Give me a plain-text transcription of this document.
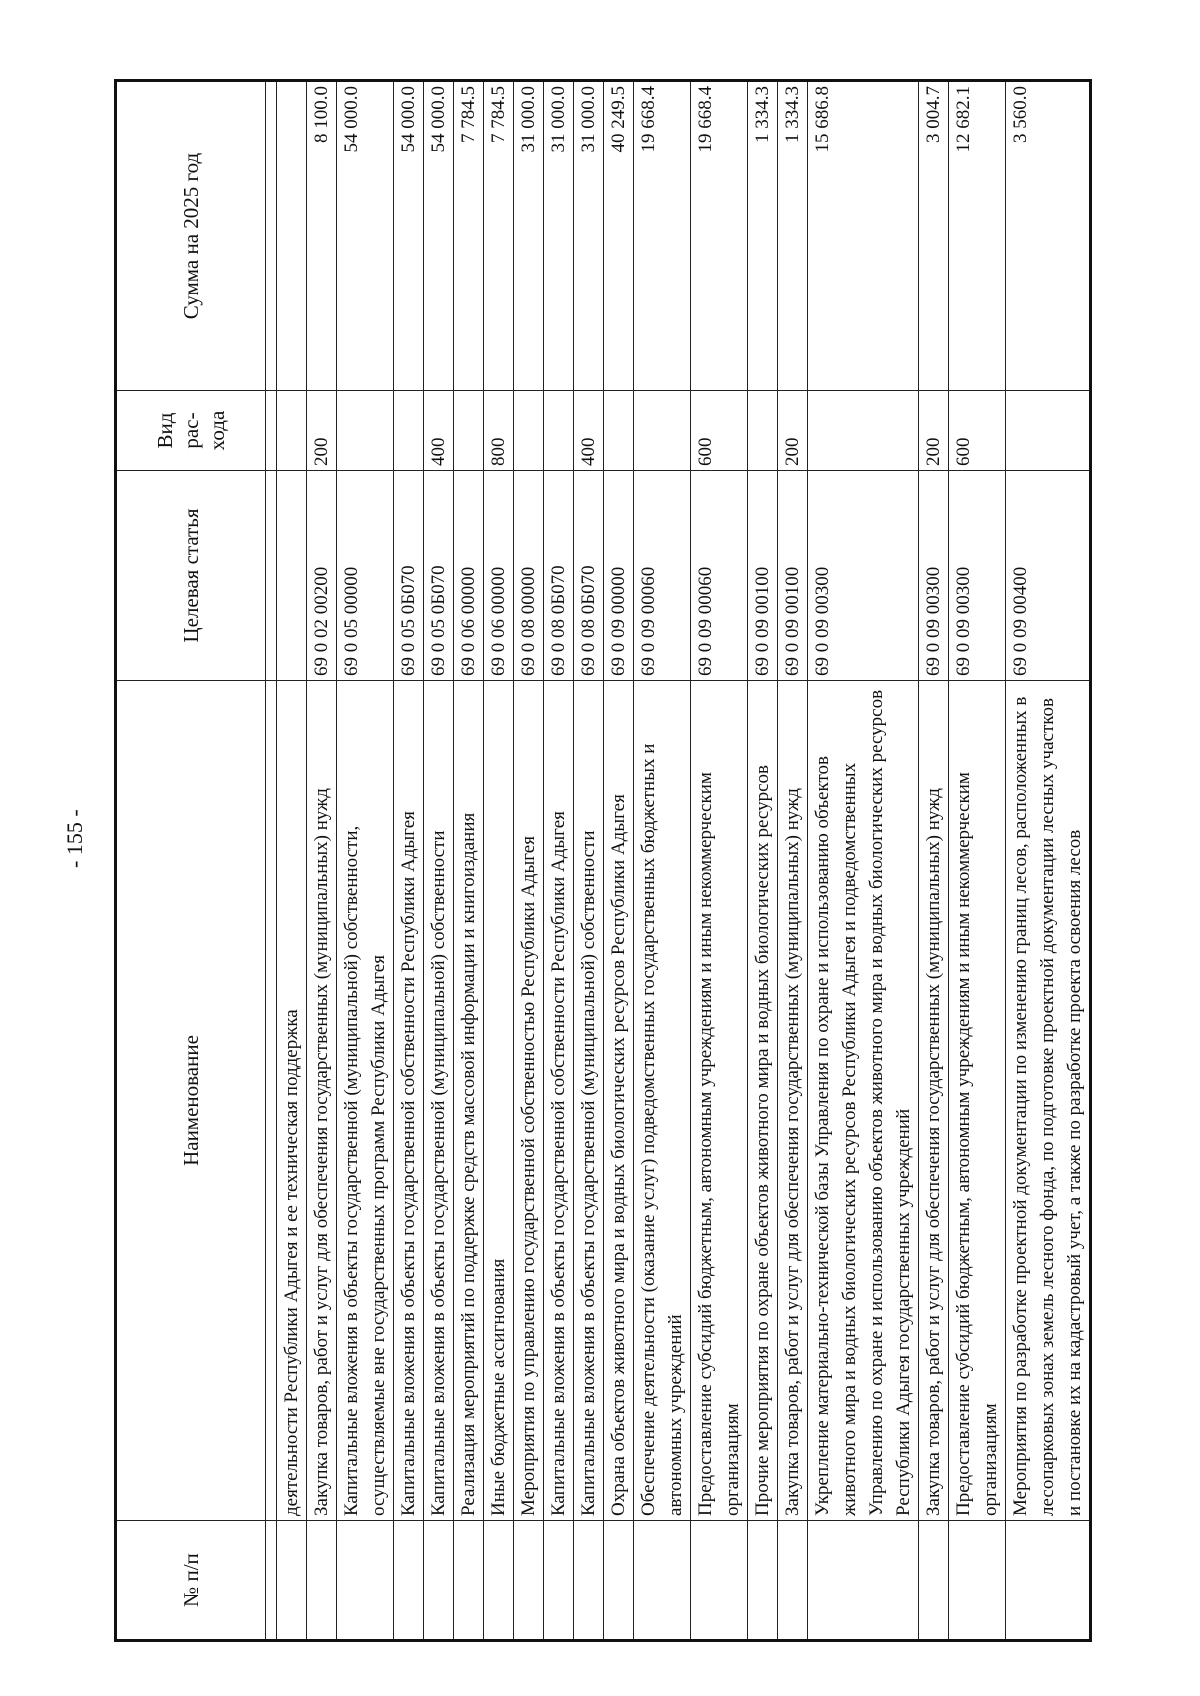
- 155 -
№ п/п	Наименование	Целевая статья	Вид рас-хода	Сумма на 2025 год

	деятельности Республики Адыгея и ее техническая поддержка			
	Закупка товаров, работ и услуг для обеспечения государственных (муниципальных) нужд	69 0 02 00200	200	8 100.0
	Капитальные вложения в объекты государственной (муниципальной) собственности, осуществляемые вне государственных программ Республики Адыгея	69 0 05 00000		54 000.0
	Капитальные вложения в объекты государственной собственности Республики Адыгея	69 0 05 0Б070		54 000.0
	Капитальные вложения в объекты государственной (муниципальной) собственности	69 0 05 0Б070	400	54 000.0
	Реализация мероприятий по поддержке средств массовой информации и книгоиздания	69 0 06 00000		7 784.5
	Иные бюджетные ассигнования	69 0 06 00000	800	7 784.5
	Мероприятия по управлению государственной собственностью Республики Адыгея	69 0 08 00000		31 000.0
	Капитальные вложения в объекты государственной собственности Республики Адыгея	69 0 08 0Б070		31 000.0
	Капитальные вложения в объекты государственной (муниципальной) собственности	69 0 08 0Б070	400	31 000.0
	Охрана объектов животного мира и водных биологических ресурсов Республики Адыгея	69 0 09 00000		40 249.5
	Обеспечение деятельности (оказание услуг) подведомственных государственных бюджетных и автономных учреждений	69 0 09 00060		19 668.4
	Предоставление субсидий бюджетным, автономным учреждениям и иным некоммерческим организациям	69 0 09 00060	600	19 668.4
	Прочие мероприятия по охране объектов животного мира и водных биологических ресурсов	69 0 09 00100		1 334.3
	Закупка товаров, работ и услуг для обеспечения государственных (муниципальных) нужд	69 0 09 00100	200	1 334.3
	Укрепление материально-технической базы Управления по охране и использованию объектов животного мира и водных биологических ресурсов Республики Адыгея и подведомственных Управлению по охране и использованию объектов животного мира и водных биологических ресурсов Республики Адыгея государственных учреждений	69 0 09 00300		15 686.8
	Закупка товаров, работ и услуг для обеспечения государственных (муниципальных) нужд	69 0 09 00300	200	3 004.7
	Предоставление субсидий бюджетным, автономным учреждениям и иным некоммерческим организациям	69 0 09 00300	600	12 682.1
	Мероприятия по разработке проектной документации по изменению границ лесов, расположенных в лесопарковых зонах земель лесного фонда, по подготовке проектной документации лесных участков и постановке их на кадастровый учет, а также по разработке проекта освоения лесов	69 0 09 00400		3 560.0
